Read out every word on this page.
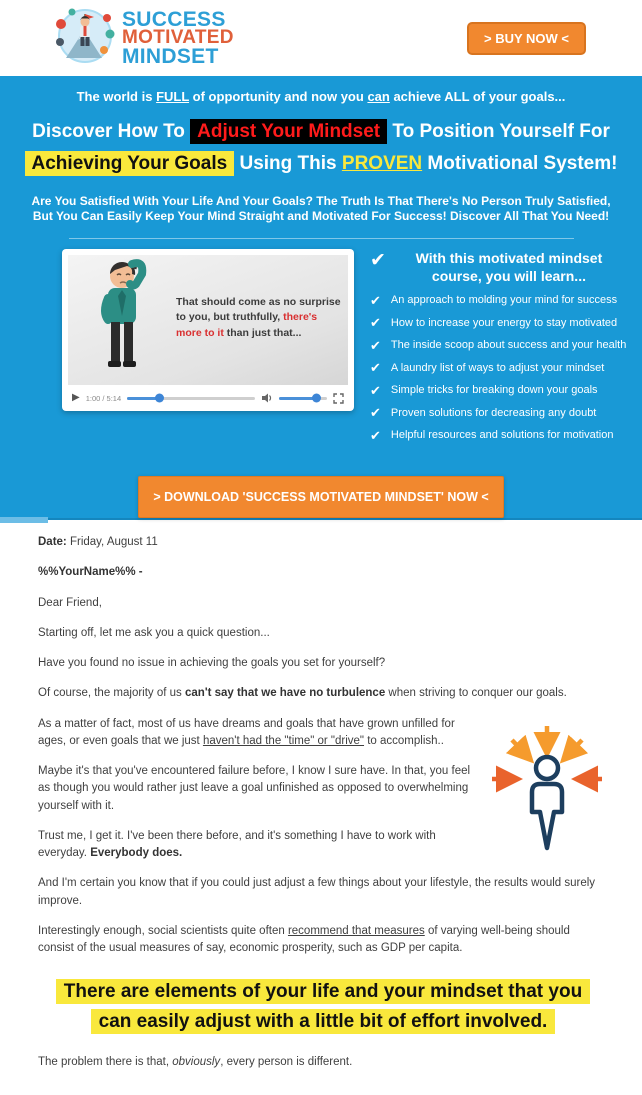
SUCCESS
MOTIVATED
MINDSET
> BUY NOW <
The world is FULL of opportunity and now you can achieve ALL of your goals...
Discover How To Adjust Your Mindset To Position Yourself For
Achieving Your Goals Using This PROVEN Motivational System!
Are You Satisfied With Your Life And Your Goals? The Truth Is That There's No Person Truly Satisfied,
But You Can Easily Keep Your Mind Straight and Motivated For Success! Discover All That You Need!
That should come as no surprise to you, but truthfully, there's more to it than just that...
▶ 1:00 / 5:14
✔	With this motivated mindset course, you will learn...
✔ An approach to molding your mind for success
✔ How to increase your energy to stay motivated
✔ The inside scoop about success and your health
✔ A laundry list of ways to adjust your mindset
✔ Simple tricks for breaking down your goals
✔ Proven solutions for decreasing any doubt
✔ Helpful resources and solutions for motivation
> DOWNLOAD 'SUCCESS MOTIVATED MINDSET' NOW <

Date: Friday, August 11

%%YourName%% -

Dear Friend,

Starting off, let me ask you a quick question...

Have you found no issue in achieving the goals you set for yourself?

Of course, the majority of us can't say that we have no turbulence when striving to conquer our goals.

As a matter of fact, most of us have dreams and goals that have grown unfilled for ages, or even goals that we just haven't had the "time" or "drive" to accomplish..

Maybe it's that you've encountered failure before, I know I sure have. In that, you feel as though you would rather just leave a goal unfinished as opposed to overwhelming yourself with it.

Trust me, I get it. I've been there before, and it's something I have to work with everyday. Everybody does.

And I'm certain you know that if you could just adjust a few things about your lifestyle, the results would surely improve.

Interestingly enough, social scientists quite often recommend that measures of varying well-being should consist of the usual measures of say, economic prosperity, such as GDP per capita.

There are elements of your life and your mindset that you
can easily adjust with a little bit of effort involved.

The problem there is that, obviously, every person is different.
